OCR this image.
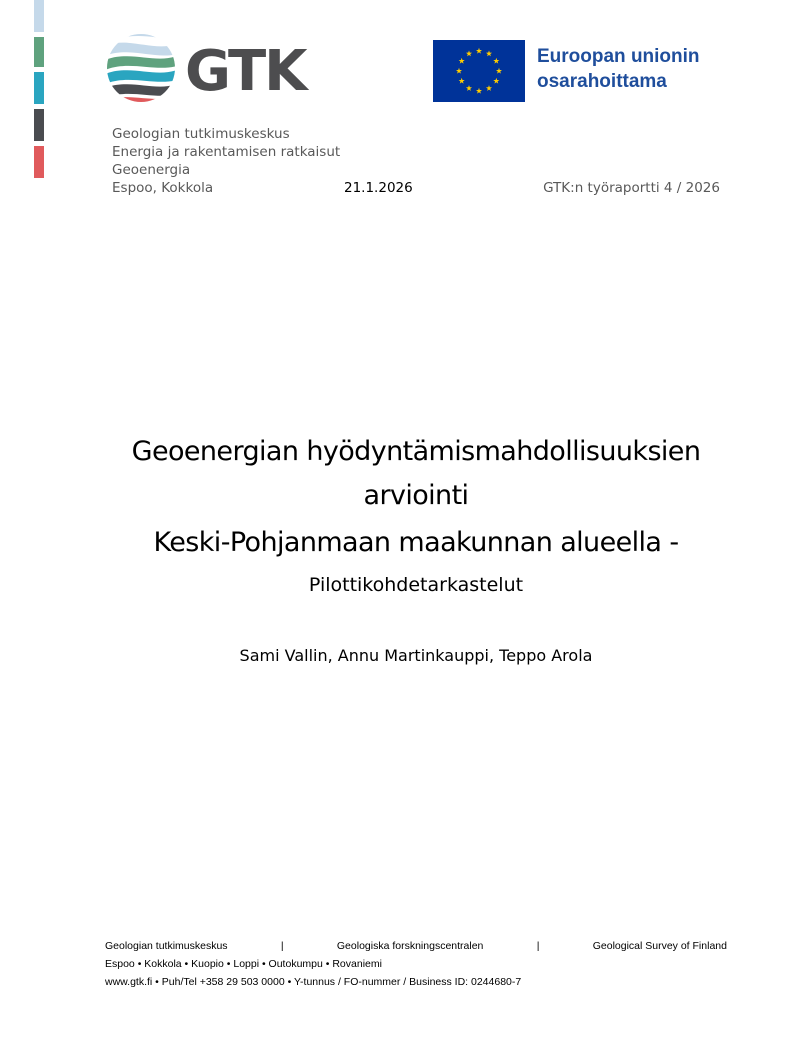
GTK	Euroopan unionin
osarahoittama
Geologian tutkimuskeskus
Energia ja rakentamisen ratkaisut
Geoenergia
Espoo, Kokkola	21.1.2026	GTK:n työraportti 4 / 2026
Geoenergian hyödyntämismahdollisuuksien
arviointi
Keski-Pohjanmaan maakunnan alueella -
Pilottikohdetarkastelut
Sami Vallin, Annu Martinkauppi, Teppo Arola
Geologian tutkimuskeskus	|	Geologiska forskningscentralen	|	Geological Survey of Finland
Espoo • Kokkola • Kuopio • Loppi • Outokumpu • Rovaniemi
www.gtk.fi • Puh/Tel +358 29 503 0000 • Y-tunnus / FO-nummer / Business ID: 0244680-7
